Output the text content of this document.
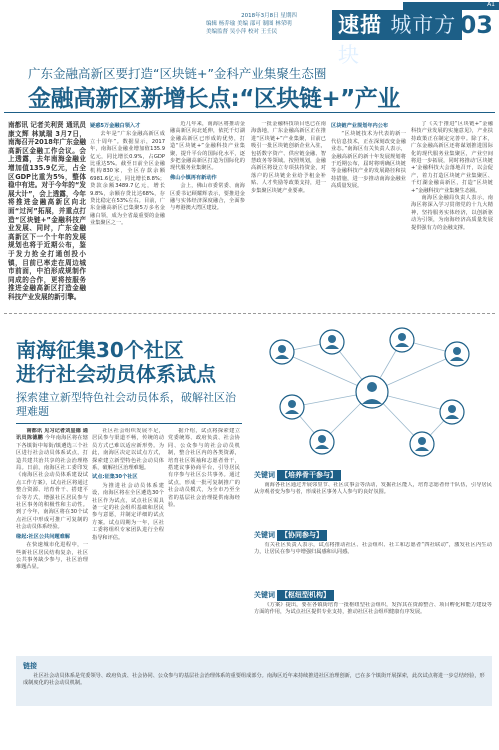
A1
2018年3月8日 星期四
编辑 杨乔瑜 美编 邵可 制图 林荣明
美编监督 吴小萍 校对 王壬民	速描 城市方块
03
广东金融高新区要打造“区块链+”金科产业集聚生态圈
金融高新区新增长点:“区块链+”产业
南都讯 记者关利贤 通讯员康文辉 林斌瑞 3月7日，南海召开2018年广东金融高新区金融工作会议。会上透露，去年南海金融业增加值135.9亿元，占全区GDP比重为5%，整体稳中有进。对于今年的“发展大计”，会上透露，今年将推进金融高新区向北面“过河”拓展，并重点打造“区块链+”金融科技产业发展、同时，广东金融高新区下一个十年的发展规划也将于近期公布，鉴于发力抢全打通创投小镇，目前已率走在周边城市前面，中泊形成规制作同成的合作，更将按服务推进金融高新区打造金融科技产业发展的新引擎。
疑惑5万金融白领入才

去年是“广东金融高新区成立十周年”。数据显示，2017年，南海区金融业增加值135.9亿元，同比增长0.9%，占GDP比重达5%。截至日前全区金融机构830家，全区存款余额6981.6亿元，同比增长8.8%；贷款余额3489.7亿元，增长9.8%，余额存贷比达68%，存贷比稳定在53%左右。目前，广东金融高新区已集聚5万多名金融白领，成为全省最重要的金融业集聚区之一。

近几年来，南海区将推动金融高新区向北延伸，依托千灯湖金融高新区已形成的优势，打造“区块链+”金融科技产业集聚，提升平台的国际化水平，逐步把金融高新区打造为国际化的现代服务业集聚区。

佛山小镇再有新动作

会上，佛山市委常委、南海区委书记顾耀辉表示，要推进金融与实体经济深度融合，全面参与粤港澳大湾区建设。

一批金融科技项目也已在南海落地，广东金融高新区正在推进“区块链+”产业集聚，目前已吸引一批区块链创新企业入驻，包括数字资产、供应链金融、智慧政务等领域。按照规划，金融高新区将设立专项扶持资金，对落户的区块链企业给予租金补贴、人才奖励等政策支持，进一步集聚区块链产业要素。

区块链产业规划年内公布

“区块链技术为代表的新一代信息技术，正在深刻改变金融业态。”南海区有关负责人表示，金融高新区的新十年发展规划将于近期公布，届时将明确区块链等金融科技产业的发展路径和扶持措施，进一步推动南海金融业高质量发展。

了《关于推进“区块链+”金融科技产业发展的实施意见》，产业扶持政策正在制定完善中。除了本，广东金融高新区还将谋划推进国际化的现代服务业集聚区，产业空间将进一步拓展，同时将推动‘区块链+’金融科技大会落地召开，以会促产，着力打造区块链产业集聚区、千灯湖金融高新区，打造“区块链+”金融科技产业集聚生态圈。

南海区金融局负责人表示，南海区将深入学习贯彻党的十九大精神，坚持服务实体经济，以创新驱动为引领，为南海经济高质量发展提供强有力的金融支撑。

南海征集30个社区
进行社会动员体系试点
探索建立新型特色社会动员体系，破解社区治理难题

南都讯 见习记者刘星德 通讯员陈德鹏 今年南海区将在辖下各镇街中每街/镇遴选三个社区进行社会动员体系试点，打造共建共治共享的社会治理格局。日前，南海区社工委印发《南海区社会动员体系建设试点工作方案》，试点社区将通过整合资源、培育骨干、搭建平台等方式，增强社区居民参与社区事务的积极性和主动性。到了今年，南海区将在30个试点社区中形成可推广可复制的社会动员体系经验。

缘起:社区公共问题难解

在快速城市化进程中，一些新社区居民结构复杂，社区公共事务缺少参与，社区治理难题凸显。

社区社会组织发展不足，居民参与渠道不畅，传统的动员方式已难以适应新形势。为此，南海区决定以试点方式，探索建立新型特色社会动员体系，破解社区治理难题。

试点:征集30个社区

为推进社会动员体系建设，南海区将在全区遴选30个社区作为试点，试点社区需具备一定的社会组织基础和居民参与意愿，并制定详细的试点方案。试点周期为一年，区社工委将组织专家团队进行全程指导和评估。

据介绍，试点将探索建立党委统筹、政府负责、社会协同、公众参与的社会动员机制，整合社区内的各类资源，培育社区领袖和志愿者骨干，搭建议事协商平台，引导居民有序参与社区公共事务。通过试点，形成一批可复制推广的社会动员模式，为全市乃至全省的基层社会治理提供南海经验。

关键词 【培养骨干参与】
南海各社区通过开展邻里节、社区议事会等活动，发掘社区能人，培育志愿者骨干队伍，引导居民从旁观者变为参与者，形成社区事务人人参与的良好氛围。
关键词 【协同参与】
有关社区负责人表示，试点将推动社区、社会组织、社工和志愿者“四社联动”，激发社区内生动力，让居民在参与中增强归属感和认同感。
关键词 【枢纽型机构】
《方案》提出，要在各镇街培育一批枢纽型社会组织，发挥其在资源整合、项目孵化和能力建设等方面的作用，为试点社区提供专业支持，推动社区社会组织健康有序发展。
链接
社区社会动员体系是党委领导、政府负责、社会协同、公众参与的基层社会治理体系的重要组成部分。南海区近年来持续推进社区治理创新，已在多个镇街开展探索，此次试点将进一步总结经验，形成制度化的社会动员机制。
